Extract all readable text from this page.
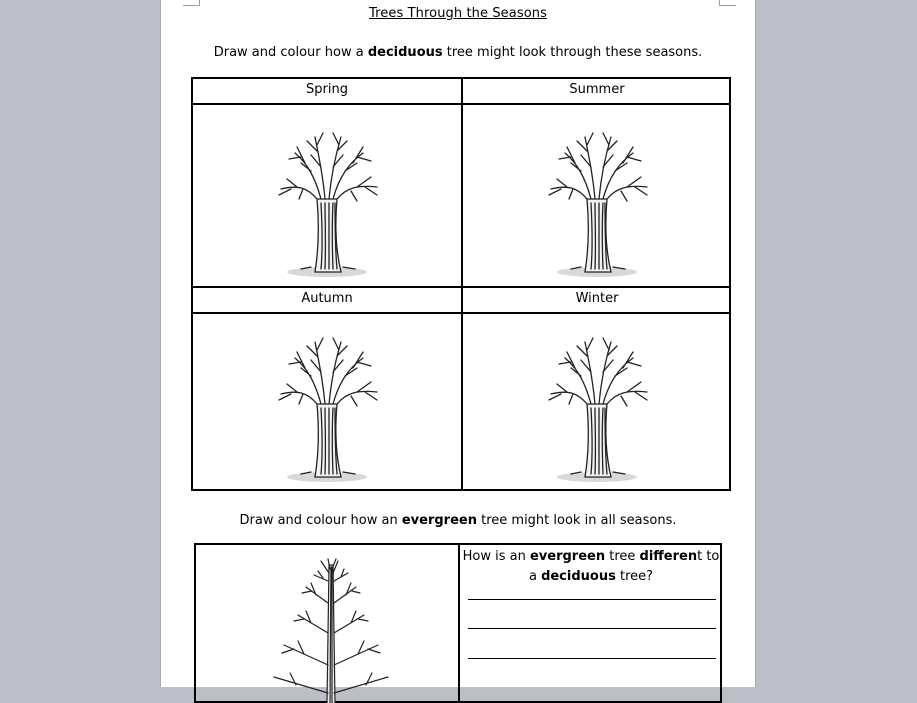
Trees Through the Seasons
Draw and colour how a deciduous tree might look through these seasons.
Spring	Summer
Autumn	Winter
Draw and colour how an evergreen tree might look in all seasons.
How is an evergreen tree different to
a deciduous tree?
